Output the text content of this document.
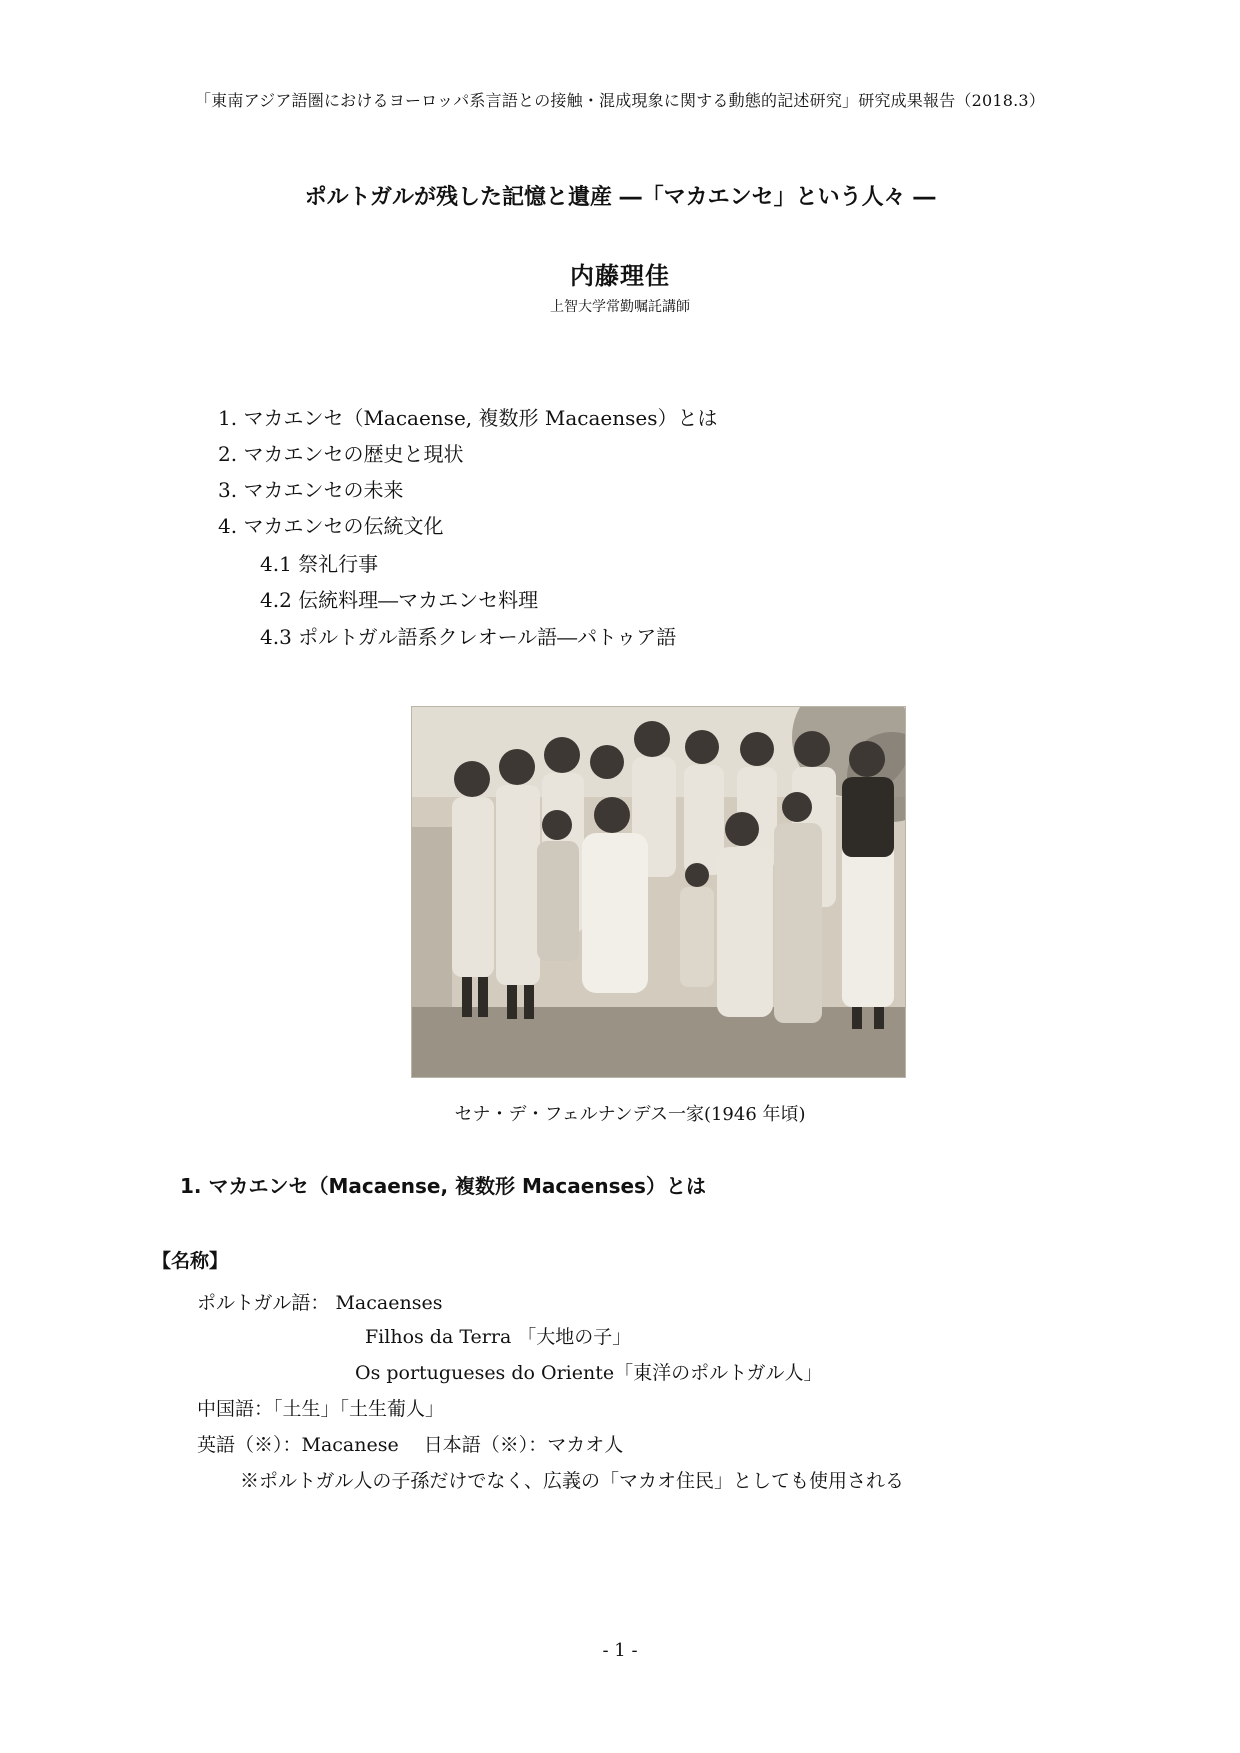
「東南アジア語圏におけるヨーロッパ系言語との接触・混成現象に関する動態的記述研究」研究成果報告（2018.3）
ポルトガルが残した記憶と遺産 ―「マカエンセ」という人々 ―
内藤理佳
上智大学常勤嘱託講師
1. マカエンセ（Macaense, 複数形 Macaenses）とは
2. マカエンセの歴史と現状
3. マカエンセの未来
4. マカエンセの伝統文化
4.1 祭礼行事
4.2 伝統料理―マカエンセ料理
4.3 ポルトガル語系クレオール語―パトゥア語
セナ・デ・フェルナンデス一家(1946 年頃)
1. マカエンセ（Macaense, 複数形 Macaenses）とは
【名称】
ポルトガル語： Macaenses
Filhos da Terra 「大地の子」
Os portugueses do Oriente「東洋のポルトガル人」
中国語：「土生」「土生葡人」
英語（※）：Macanese　 日本語（※）：マカオ人
※ポルトガル人の子孫だけでなく、広義の「マカオ住民」としても使用される
- 1 -
